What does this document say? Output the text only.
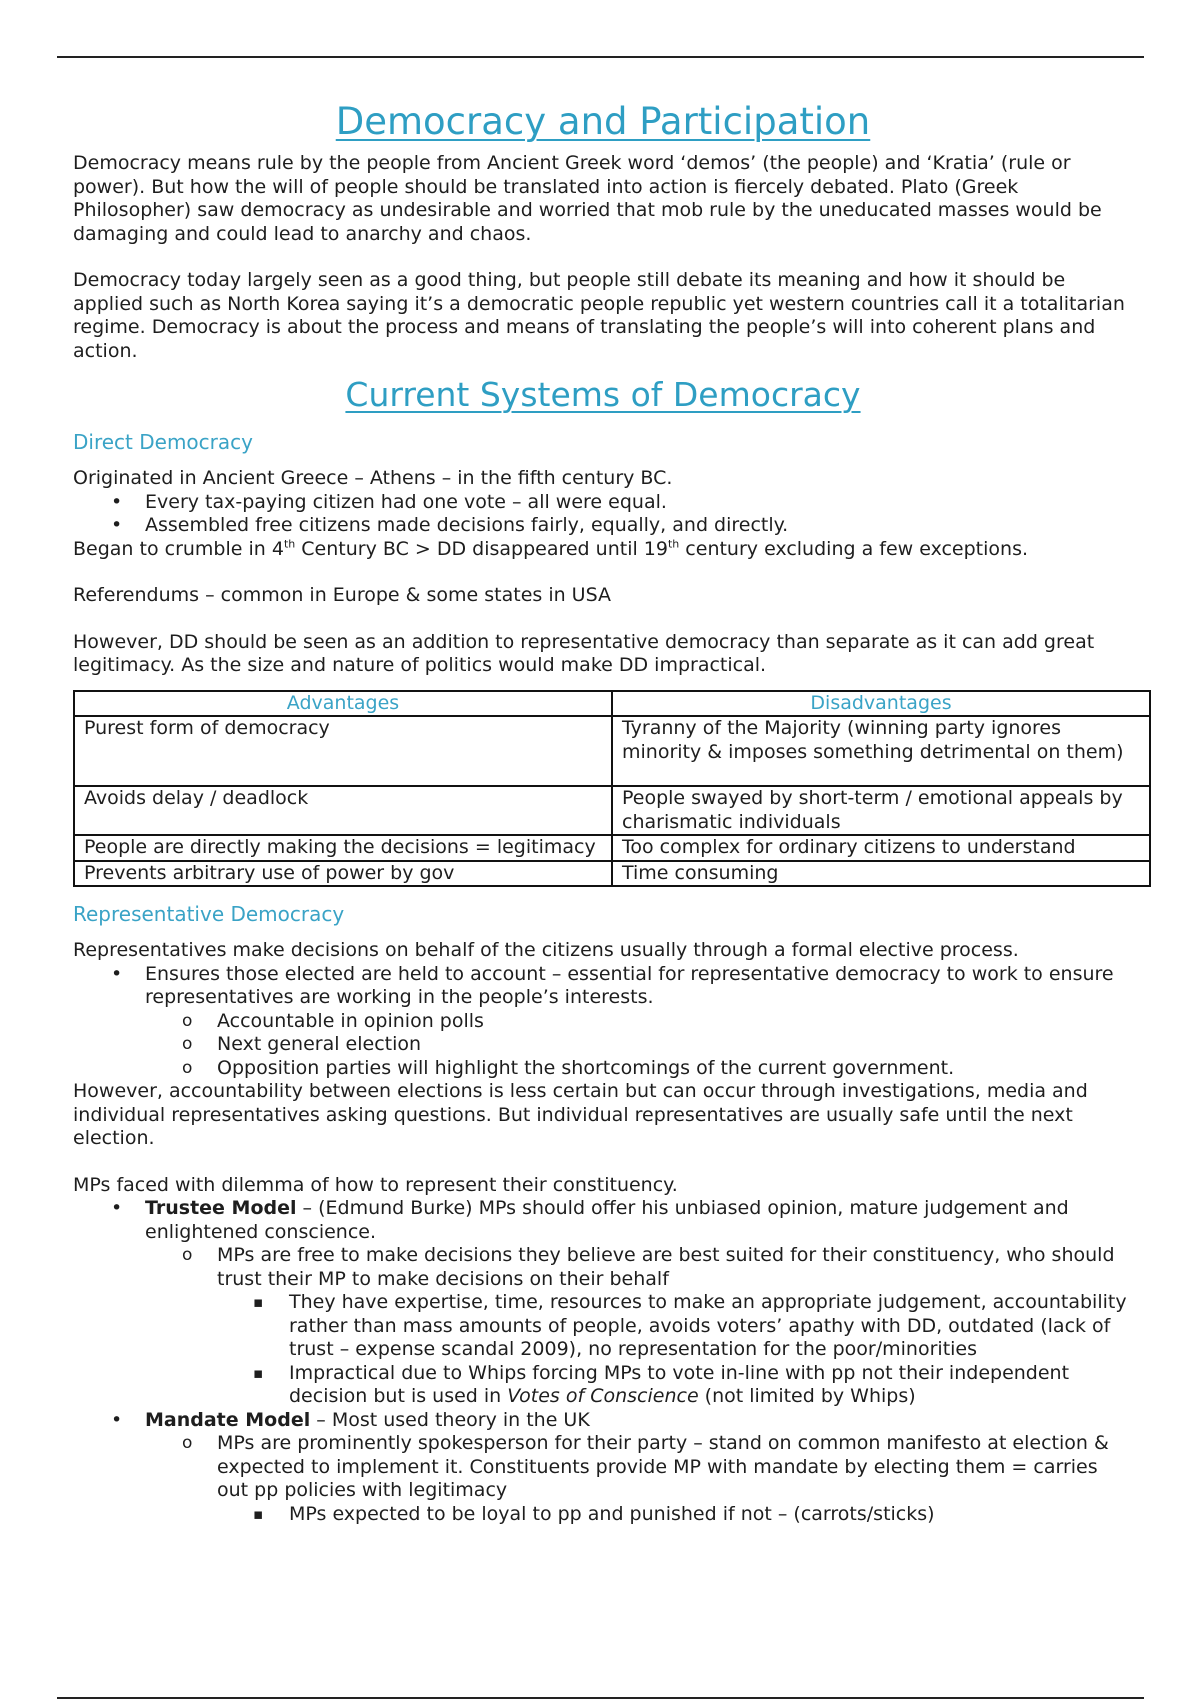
Democracy and Participation

Democracy means rule by the people from Ancient Greek word ‘demos’ (the people) and ‘Kratia’ (rule or power). But how the will of people should be translated into action is fiercely debated. Plato (Greek Philosopher) saw democracy as undesirable and worried that mob rule by the uneducated masses would be damaging and could lead to anarchy and chaos.

Democracy today largely seen as a good thing, but people still debate its meaning and how it should be applied such as North Korea saying it’s a democratic people republic yet western countries call it a totalitarian regime. Democracy is about the process and means of translating the people’s will into coherent plans and action.

Current Systems of Democracy
Direct Democracy

Originated in Ancient Greece – Athens – in the fifth century BC.

• Every tax-paying citizen had one vote – all were equal.
• Assembled free citizens made decisions fairly, equally, and directly.

Began to crumble in 4th Century BC > DD disappeared until 19th century excluding a few exceptions.

Referendums – common in Europe & some states in USA

However, DD should be seen as an addition to representative democracy than separate as it can add great legitimacy. As the size and nature of politics would make DD impractical.

Advantages	Disadvantages
Purest form of democracy	Tyranny of the Majority (winning party ignores minority & imposes something detrimental on them)
Avoids delay / deadlock	People swayed by short-term / emotional appeals by charismatic individuals
People are directly making the decisions = legitimacy	Too complex for ordinary citizens to understand
Prevents arbitrary use of power by gov	Time consuming
Representative Democracy

Representatives make decisions on behalf of the citizens usually through a formal elective process.

• Ensures those elected are held to account – essential for representative democracy to work to ensure representatives are working in the people’s interests.
o Accountable in opinion polls
o Next general election
o Opposition parties will highlight the shortcomings of the current government.

However, accountability between elections is less certain but can occur through investigations, media and individual representatives asking questions. But individual representatives are usually safe until the next election.

MPs faced with dilemma of how to represent their constituency.

• Trustee Model – (Edmund Burke) MPs should offer his unbiased opinion, mature judgement and enlightened conscience.
o MPs are free to make decisions they believe are best suited for their constituency, who should trust their MP to make decisions on their behalf
▪ They have expertise, time, resources to make an appropriate judgement, accountability rather than mass amounts of people, avoids voters’ apathy with DD, outdated (lack of trust – expense scandal 2009), no representation for the poor/minorities
▪ Impractical due to Whips forcing MPs to vote in-line with pp not their independent decision but is used in Votes of Conscience (not limited by Whips)
• Mandate Model – Most used theory in the UK
o MPs are prominently spokesperson for their party – stand on common manifesto at election & expected to implement it. Constituents provide MP with mandate by electing them = carries out pp policies with legitimacy
▪ MPs expected to be loyal to pp and punished if not – (carrots/sticks)
